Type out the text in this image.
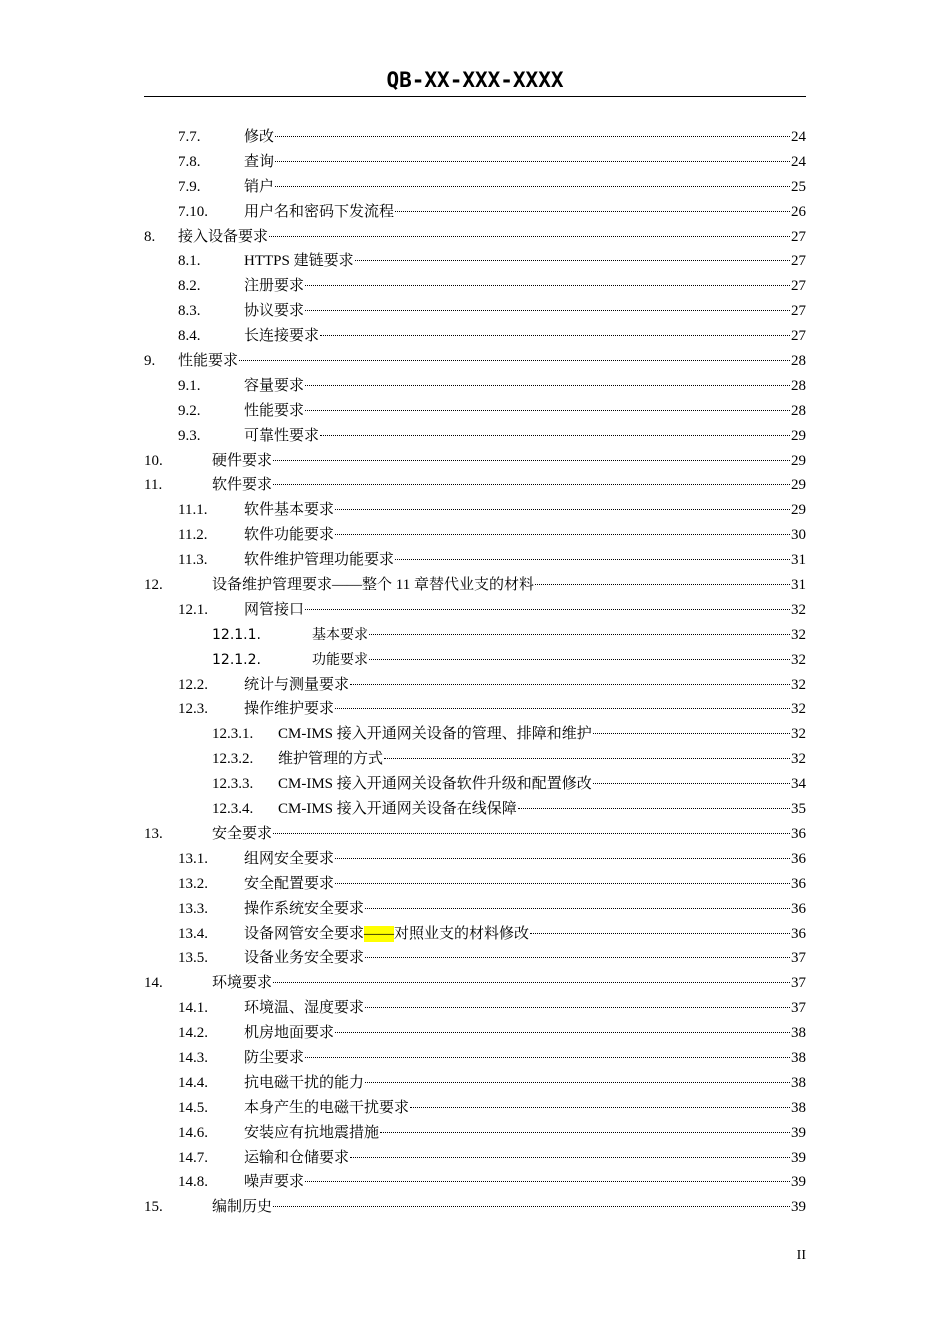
QB-XX-XXX-XXXX
7.7.	修改	24
7.8.	查询	24
7.9.	销户	25
7.10. 用户名和密码下发流程	26
8. 接入设备要求	27
8.1.	HTTPS 建链要求	27
8.2.	注册要求	27
8.3.	协议要求	27
8.4.	长连接要求	27
9. 性能要求	28
9.1.	容量要求	28
9.2.	性能要求	28
9.3.	可靠性要求	29
10.	硬件要求	29
11.	软件要求	29
11.1. 软件基本要求	29
11.2. 软件功能要求	30
11.3. 软件维护管理功能要求	31
12.	设备维护管理要求——整个 11 章替代业支的材料	31
12.1. 网管接口	32
12.1.1.	基本要求	32
12.1.2.	功能要求	32
12.2. 统计与测量要求	32
12.3. 操作维护要求	32
12.3.1. CM-IMS 接入开通网关设备的管理、排障和维护	32
12.3.2. 维护管理的方式	32
12.3.3. CM-IMS 接入开通网关设备软件升级和配置修改	34
12.3.4. CM-IMS 接入开通网关设备在线保障	35
13.	安全要求	36
13.1. 组网安全要求	36
13.2. 安全配置要求	36
13.3. 操作系统安全要求	36
13.4. 设备网管安全要求——对照业支的材料修改	36
13.5. 设备业务安全要求	37
14.	环境要求	37
14.1. 环境温、湿度要求	37
14.2. 机房地面要求	38
14.3. 防尘要求	38
14.4. 抗电磁干扰的能力	38
14.5. 本身产生的电磁干扰要求	38
14.6. 安装应有抗地震措施	39
14.7. 运输和仓储要求	39
14.8. 噪声要求	39
15.	编制历史	39
II
